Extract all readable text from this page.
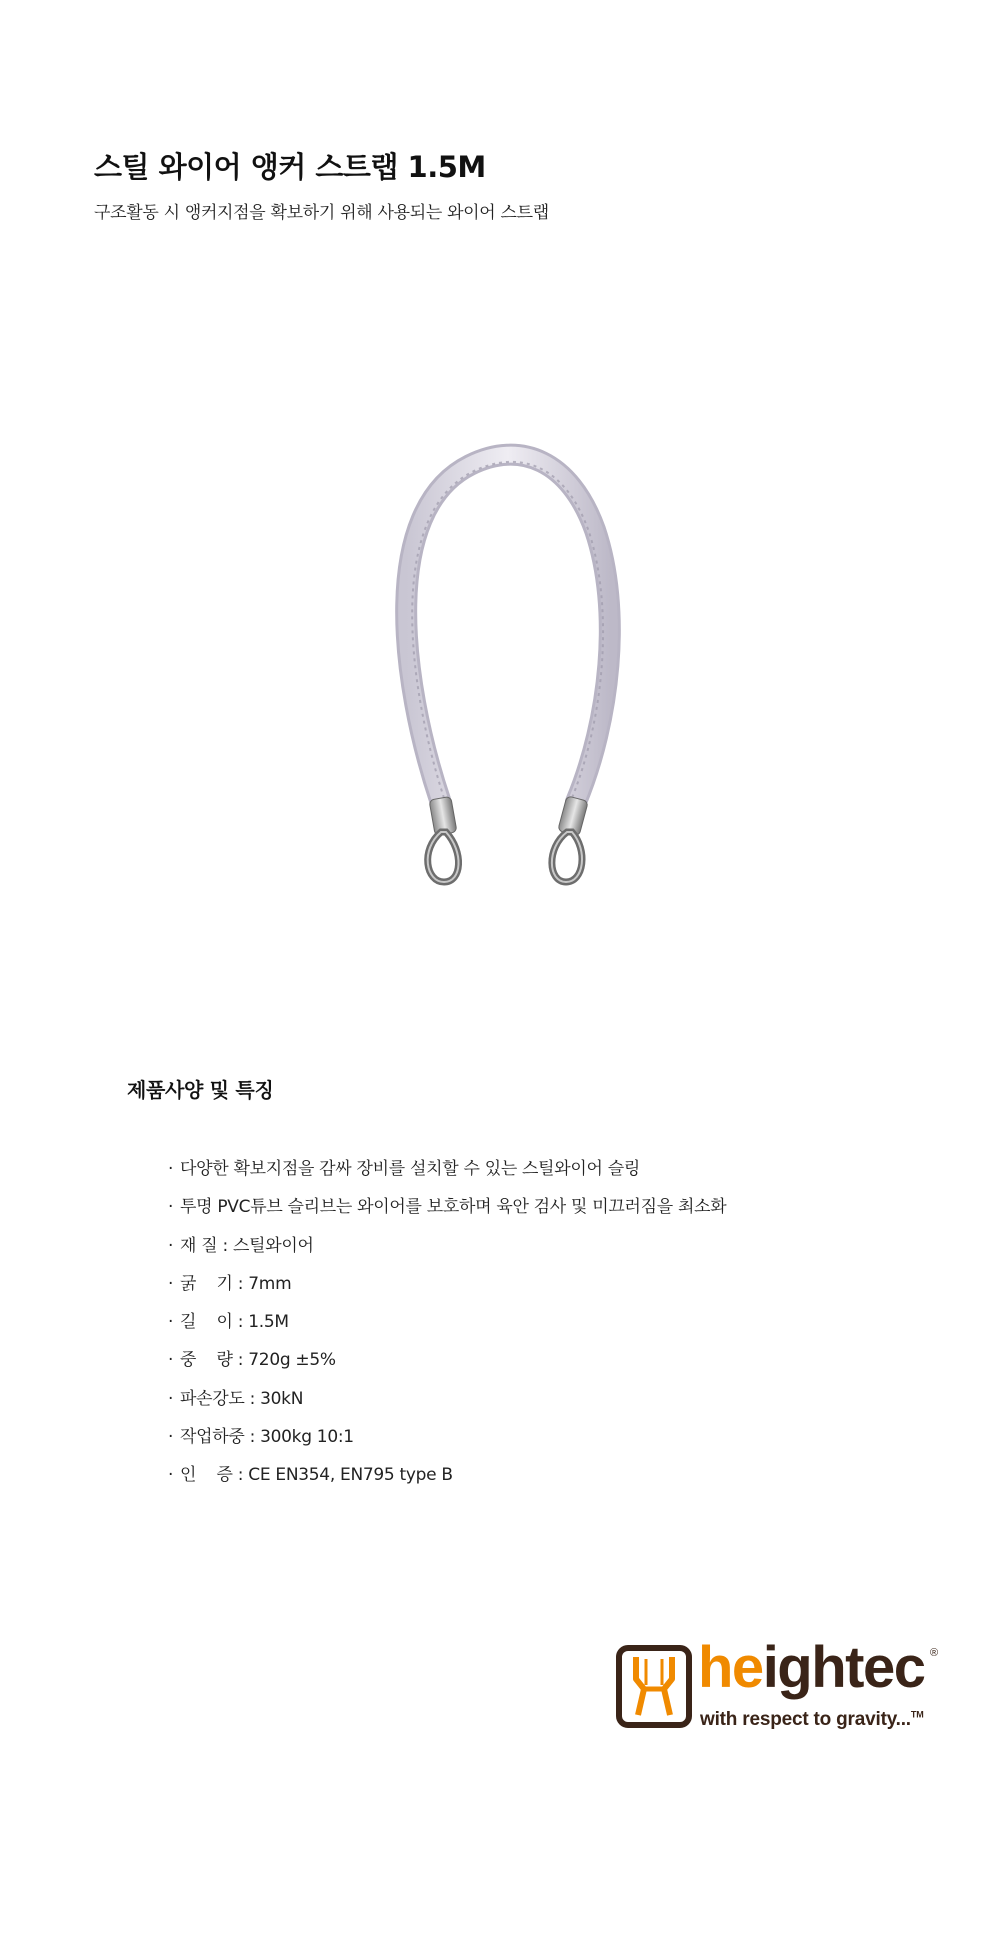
스틸 와이어 앵커 스트랩 1.5M

구조활동 시 앵커지점을 확보하기 위해 사용되는 와이어 스트랩

제품사양 및 특징
· 다양한 확보지점을 감싸 장비를 설치할 수 있는 스틸와이어 슬링
· 투명 PVC튜브 슬리브는 와이어를 보호하며 육안 검사 및 미끄러짐을 최소화
· 재 질 : 스틸와이어
· 굵    기 : 7mm
· 길    이 : 1.5M
· 중    량 : 720g ±5%
· 파손강도 : 30kN
· 작업하중 : 300kg 10:1
· 인    증 : CE EN354, EN795 type B

heightec ®

with respect to gravity...™
